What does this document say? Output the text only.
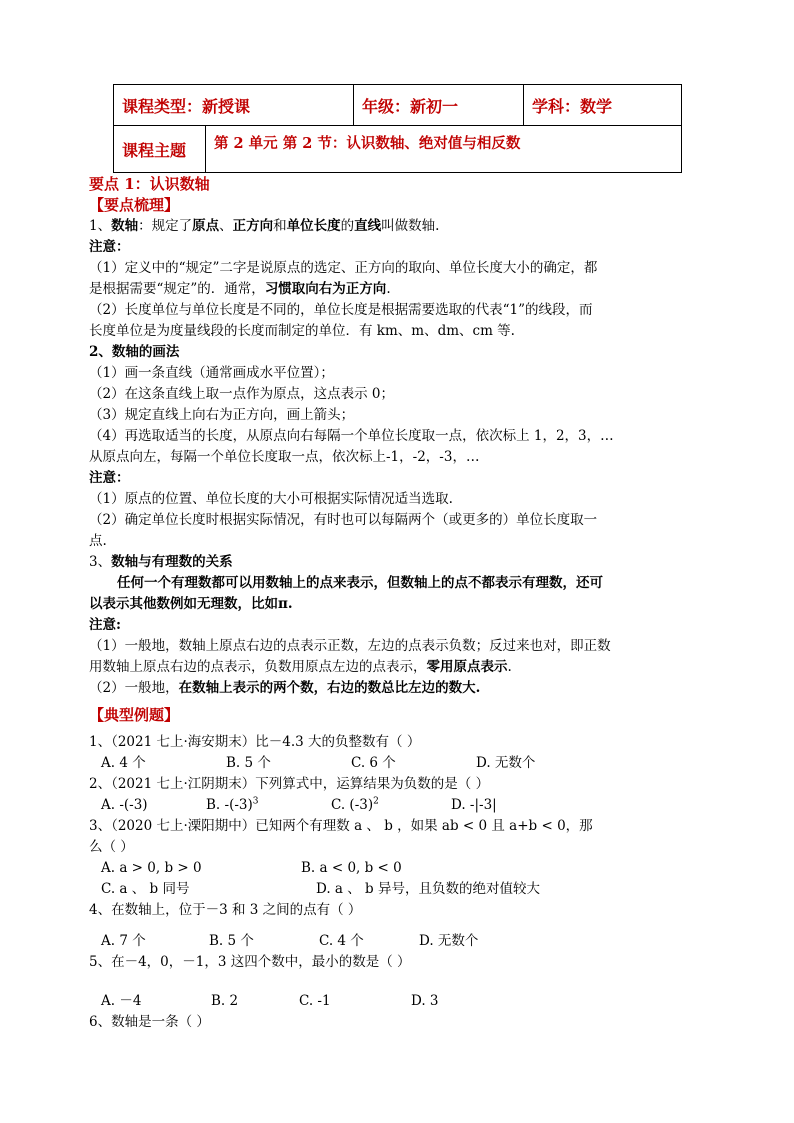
课程类型：新授课		年级：新初一	学科：数学
课程主题	第 2 单元 第 2 节：认识数轴、绝对值与相反数		
要点 1：认识数轴
【要点梳理】
1、数轴：规定了原点、正方向和单位长度的直线叫做数轴.
注意：
（1）定义中的“规定”二字是说原点的选定、正方向的取向、单位长度大小的确定，都
是根据需要“规定”的．通常，习惯取向右为正方向.
（2）长度单位与单位长度是不同的，单位长度是根据需要选取的代表“1”的线段，而
长度单位是为度量线段的长度而制定的单位．有 km、m、dm、cm 等.
2、数轴的画法
（1）画一条直线（通常画成水平位置）；
（2）在这条直线上取一点作为原点，这点表示 0；
（3）规定直线上向右为正方向，画上箭头；
（4）再选取适当的长度，从原点向右每隔一个单位长度取一点，依次标上 1，2，3，…
从原点向左，每隔一个单位长度取一点，依次标上-1，-2，-3，…
注意：
（1）原点的位置、单位长度的大小可根据实际情况适当选取.
（2）确定单位长度时根据实际情况，有时也可以每隔两个（或更多的）单位长度取一
点.
3、数轴与有理数的关系
任何一个有理数都可以用数轴上的点来表示，但数轴上的点不都表示有理数，还可
以表示其他数例如无理数，比如π.
注意:
（1）一般地，数轴上原点右边的点表示正数，左边的点表示负数；反过来也对，即正数
用数轴上原点右边的点表示，负数用原点左边的点表示，零用原点表示.
（2）一般地，在数轴上表示的两个数，右边的数总比左边的数大.
【典型例题】
1、（2021 七上·海安期末）比－4.3 大的负整数有（ ）
A. 4 个	B. 5 个	C. 6 个	D. 无数个
2、（2021 七上·江阴期末）下列算式中，运算结果为负数的是（ ）
A. -(-3)	B. $-(-3)^3$	C. $(-3)^2$	D. -|-3|
3、（2020 七上·溧阳期中）已知两个有理数 a 、 b ，如果 ab < 0 且 a+b < 0，那
么（ ）
A. a > 0, b > 0	B. a < 0, b < 0
C. a 、 b 同号	D. a 、 b 异号，且负数的绝对值较大
4、在数轴上，位于－3 和 3 之间的点有（ ）
A. 7 个	B. 5 个	C. 4 个	D. 无数个
5、在－4，0，－1，3 这四个数中，最小的数是（ ）
A. －4	B. 2	C. -1	D. 3
6、数轴是一条（ ）
